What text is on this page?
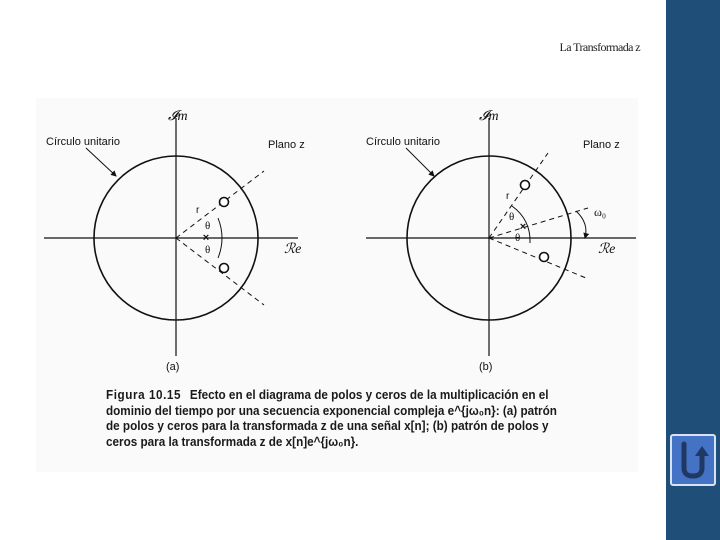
La Transformada z
×
Círculo unitario	Plano z
𝓘m
ℛe
r
θ
θ
(a)
×
Círculo unitario	Plano z
𝓘m
ℛe
r
θ
θ
ω₀
(b)
Figura 10.15 Efecto en el diagrama de polos y ceros de la multiplicación en el dominio del tiempo por una secuencia exponencial compleja e^{jω₀n}: (a) patrón de polos y ceros para la transformada z de una señal x[n]; (b) patrón de polos y ceros para la transformada z de x[n]e^{jω₀n}.
